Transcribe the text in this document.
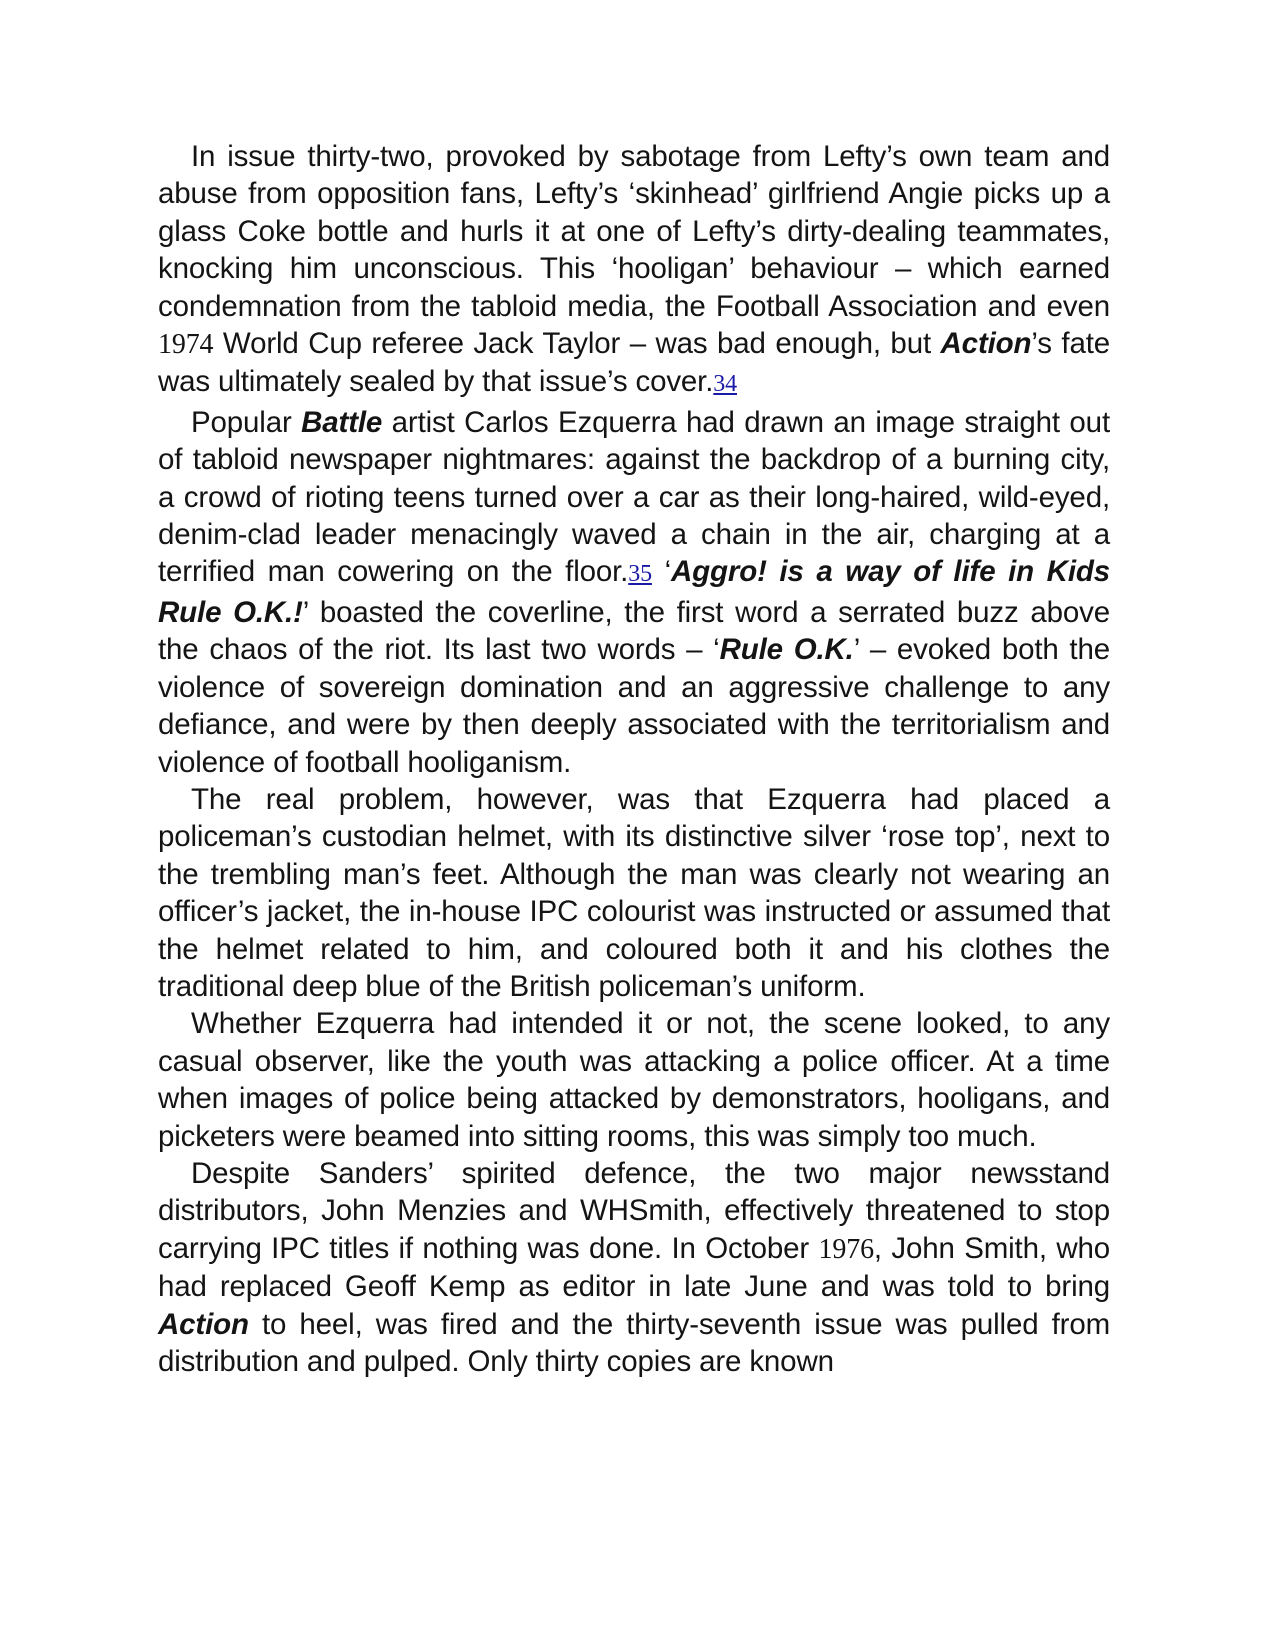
In issue thirty-two, provoked by sabotage from Lefty’s own team and abuse from opposition fans, Lefty’s ‘skinhead’ girlfriend Angie picks up a glass Coke bottle and hurls it at one of Lefty’s dirty-dealing teammates, knocking him unconscious. This ‘hooligan’ behaviour – which earned condemnation from the tabloid media, the Football Association and even 1974 World Cup referee Jack Taylor – was bad enough, but Action’s fate was ultimately sealed by that issue’s cover.34

Popular Battle artist Carlos Ezquerra had drawn an image straight out of tabloid newspaper nightmares: against the backdrop of a burning city, a crowd of rioting teens turned over a car as their long-haired, wild-eyed, denim-clad leader menacingly waved a chain in the air, charging at a terrified man cowering on the floor.35 ‘Aggro! is a way of life in Kids Rule O.K.!’ boasted the coverline, the first word a serrated buzz above the chaos of the riot. Its last two words – ‘Rule O.K.’ – evoked both the violence of sovereign domination and an aggressive challenge to any defiance, and were by then deeply associated with the territorialism and violence of football hooliganism.

The real problem, however, was that Ezquerra had placed a policeman’s custodian helmet, with its distinctive silver ‘rose top’, next to the trembling man’s feet. Although the man was clearly not wearing an officer’s jacket, the in-house IPC colourist was instructed or assumed that the helmet related to him, and coloured both it and his clothes the traditional deep blue of the British policeman’s uniform.

Whether Ezquerra had intended it or not, the scene looked, to any casual observer, like the youth was attacking a police officer. At a time when images of police being attacked by demonstrators, hooligans, and picketers were beamed into sitting rooms, this was simply too much.

Despite Sanders’ spirited defence, the two major newsstand distributors, John Menzies and WHSmith, effectively threatened to stop carrying IPC titles if nothing was done. In October 1976, John Smith, who had replaced Geoff Kemp as editor in late June and was told to bring Action to heel, was fired and the thirty-seventh issue was pulled from distribution and pulped. Only thirty copies are known
